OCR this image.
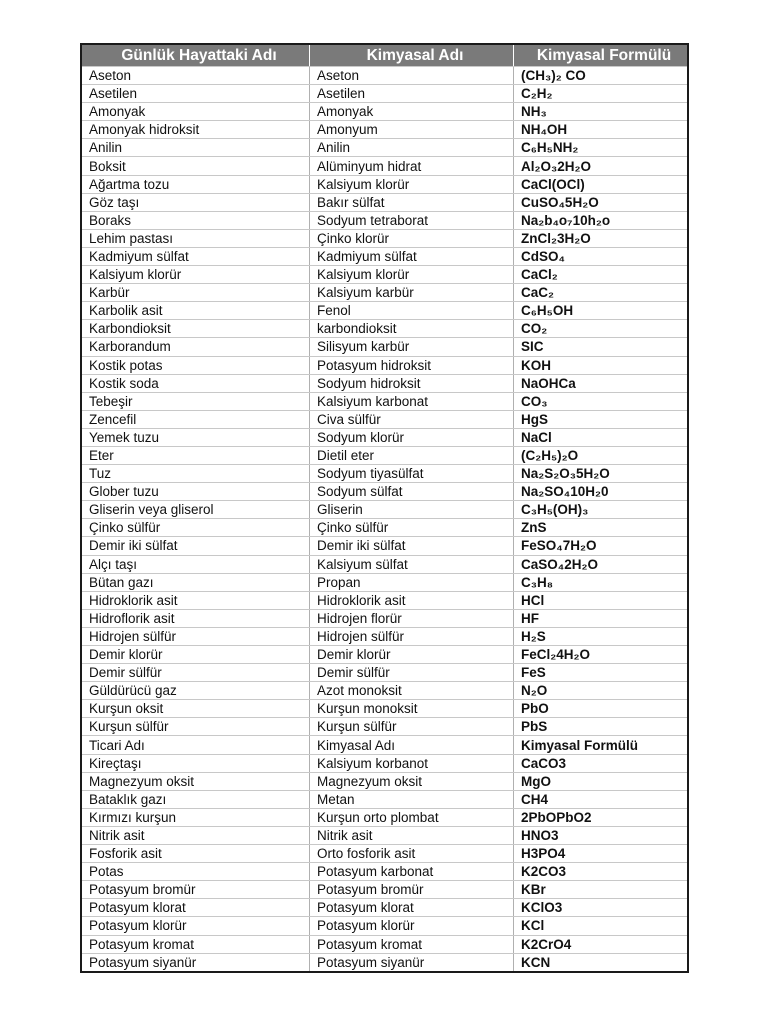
Günlük Hayattaki Adı	Kimyasal Adı	Kimyasal Formülü
Aseton	Aseton	(CH₃)₂ CO
Asetilen	Asetilen	C₂H₂
Amonyak	Amonyak	NH₃
Amonyak hidroksit	Amonyum	NH₄OH
Anilin	Anilin	C₆H₅NH₂
Boksit	Alüminyum hidrat	Al₂O₃2H₂O
Ağartma tozu	Kalsiyum klorür	CaCl(OCl)
Göz taşı	Bakır sülfat	CuSO₄5H₂O
Boraks	Sodyum tetraborat	Na₂b₄o₇10h₂o
Lehim pastası	Çinko klorür	ZnCl₂3H₂O
Kadmiyum sülfat	Kadmiyum sülfat	CdSO₄
Kalsiyum klorür	Kalsiyum klorür	CaCl₂
Karbür	Kalsiyum karbür	CaC₂
Karbolik asit	Fenol	C₆H₅OH
Karbondioksit	karbondioksit	CO₂
Karborandum	Silisyum karbür	SIC
Kostik potas	Potasyum hidroksit	KOH
Kostik soda	Sodyum hidroksit	NaOHCa
Tebeşir	Kalsiyum karbonat	CO₃
Zencefil	Civa sülfür	HgS
Yemek tuzu	Sodyum klorür	NaCl
Eter	Dietil eter	(C₂H₅)₂O
Tuz	Sodyum tiyasülfat	Na₂S₂O₃5H₂O
Glober tuzu	Sodyum sülfat	Na₂SO₄10H₂0
Gliserin veya gliserol	Gliserin	C₃H₅(OH)₃
Çinko sülfür	Çinko sülfür	ZnS
Demir iki sülfat	Demir iki sülfat	FeSO₄7H₂O
Alçı taşı	Kalsiyum sülfat	CaSO₄2H₂O
Bütan gazı	Propan	C₃H₈
Hidroklorik asit	Hidroklorik asit	HCl
Hidroflorik asit	Hidrojen florür	HF
Hidrojen sülfür	Hidrojen sülfür	H₂S
Demir klorür	Demir klorür	FeCl₂4H₂O
Demir sülfür	Demir sülfür	FeS
Güldürücü gaz	Azot monoksit	N₂O
Kurşun oksit	Kurşun monoksit	PbO
Kurşun sülfür	Kurşun sülfür	PbS
Ticari Adı	Kimyasal Adı	Kimyasal Formülü
Kireçtaşı	Kalsiyum korbanot	CaCO3
Magnezyum oksit	Magnezyum oksit	MgO
Bataklık gazı	Metan	CH4
Kırmızı kurşun	Kurşun orto plombat	2PbOPbO2
Nitrik asit	Nitrik asit	HNO3
Fosforik asit	Orto fosforik asit	H3PO4
Potas	Potasyum karbonat	K2CO3
Potasyum bromür	Potasyum bromür	KBr
Potasyum klorat	Potasyum klorat	KClO3
Potasyum klorür	Potasyum klorür	KCl
Potasyum kromat	Potasyum kromat	K2CrO4
Potasyum siyanür	Potasyum siyanür	KCN
